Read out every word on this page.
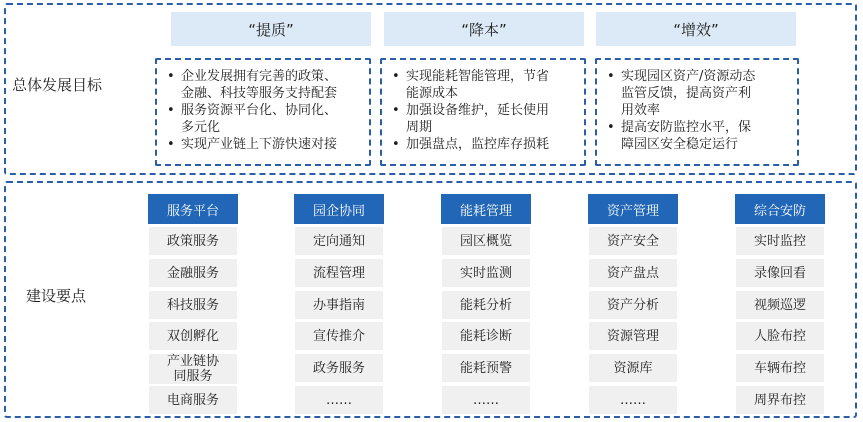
总体发展目标
建设要点
“提质”
• 企业发展拥有完善的政策、
金融、科技等服务支持配套
• 服务资源平台化、协同化、
多元化
• 实现产业链上下游快速对接
“降本”
• 实现能耗智能管理，节省
能源成本
• 加强设备维护，延长使用
周期
• 加强盘点，监控库存损耗
“增效”
• 实现园区资产/资源动态
监管反馈，提高资产利
用效率
• 提高安防监控水平，保
障园区安全稳定运行
服务平台
政策服务
金融服务
科技服务
双创孵化
产业链协
同服务
电商服务
园企协同
定向通知
流程管理
办事指南
宣传推介
政务服务
……
能耗管理
园区概览
实时监测
能耗分析
能耗诊断
能耗预警
……
资产管理
资产安全
资产盘点
资产分析
资源管理
资源库
……
综合安防
实时监控
录像回看
视频巡逻
人脸布控
车辆布控
周界布控
